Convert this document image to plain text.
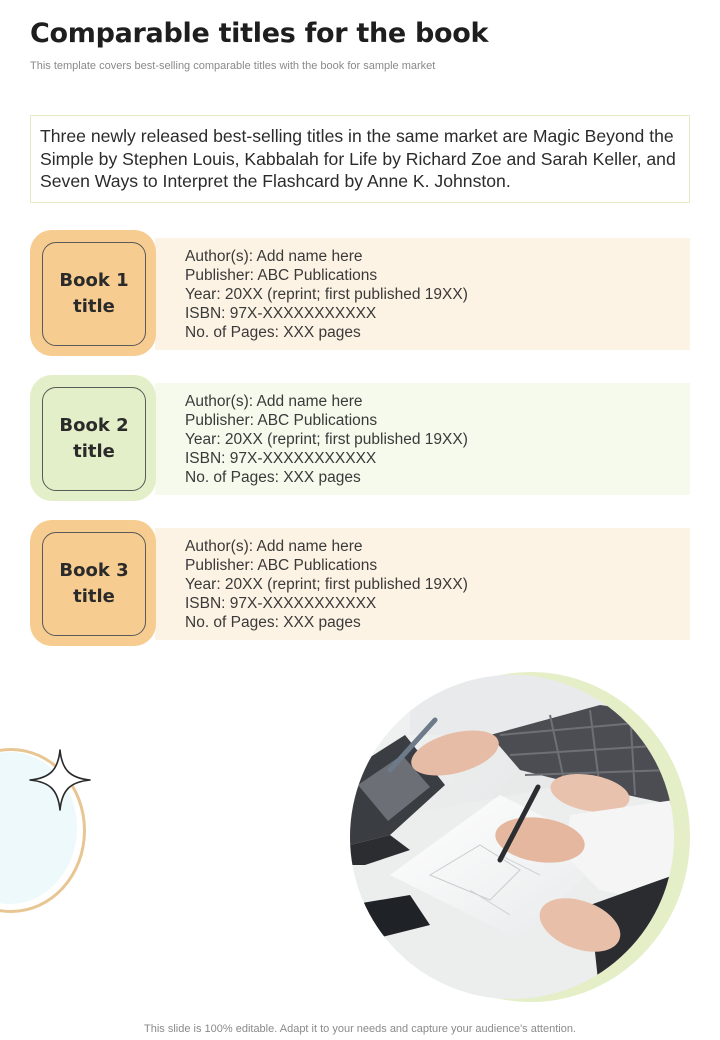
Comparable titles for the book
This template covers best-selling comparable titles with the book for sample market
Three newly released best-selling titles in the same market are Magic Beyond the Simple by Stephen Louis, Kabbalah for Life by Richard Zoe and Sarah Keller, and Seven Ways to Interpret the Flashcard by Anne K. Johnston.
Book 1
title
Author(s): Add name here
Publisher: ABC Publications
Year: 20XX (reprint; first published 19XX)
ISBN: 97X-XXXXXXXXXXX
No. of Pages: XXX pages
Book 2
title
Author(s): Add name here
Publisher: ABC Publications
Year: 20XX (reprint; first published 19XX)
ISBN: 97X-XXXXXXXXXXX
No. of Pages: XXX pages
Book 3
title
Author(s): Add name here
Publisher: ABC Publications
Year: 20XX (reprint; first published 19XX)
ISBN: 97X-XXXXXXXXXXX
No. of Pages: XXX pages
This slide is 100% editable. Adapt it to your needs and capture your audience's attention.
